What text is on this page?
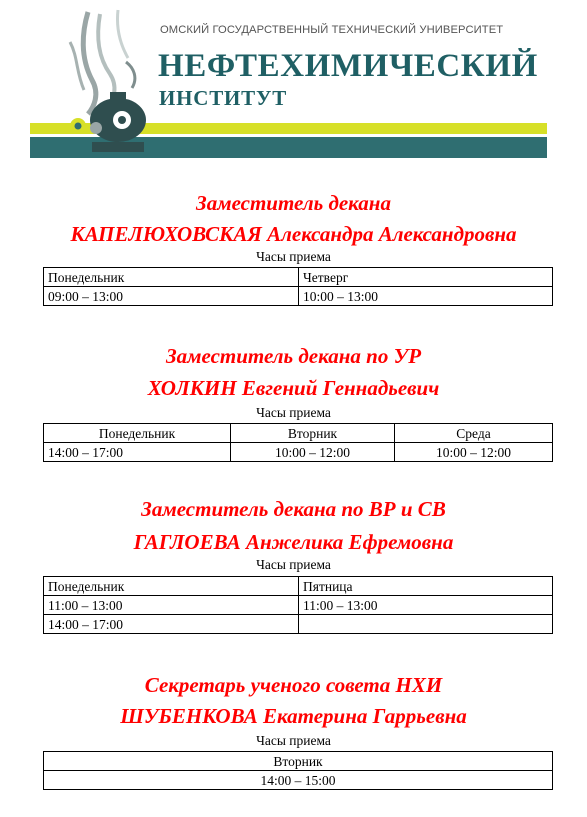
ОМСКИЙ ГОСУДАРСТВЕННЫЙ ТЕХНИЧЕСКИЙ УНИВЕРСИТЕТ
НЕФТЕХИМИЧЕСКИЙ
ИНСТИТУТ
Заместитель декана
КАПЕЛЮХОВСКАЯ Александра Александровна
Часы приема
Понедельник	Четверг
09:00 – 13:00	10:00 – 13:00
Заместитель декана по УР
ХОЛКИН Евгений Геннадьевич
Часы приема
Понедельник	Вторник	Среда
14:00 – 17:00	10:00 – 12:00	10:00 – 12:00
Заместитель декана по ВР и СВ
ГАГЛОЕВА Анжелика Ефремовна
Часы приема
Понедельник	Пятница
11:00 – 13:00	11:00 – 13:00
14:00 – 17:00	
Секретарь ученого совета НХИ
ШУБЕНКОВА Екатерина Гаррьевна
Часы приема
Вторник
14:00 – 15:00
